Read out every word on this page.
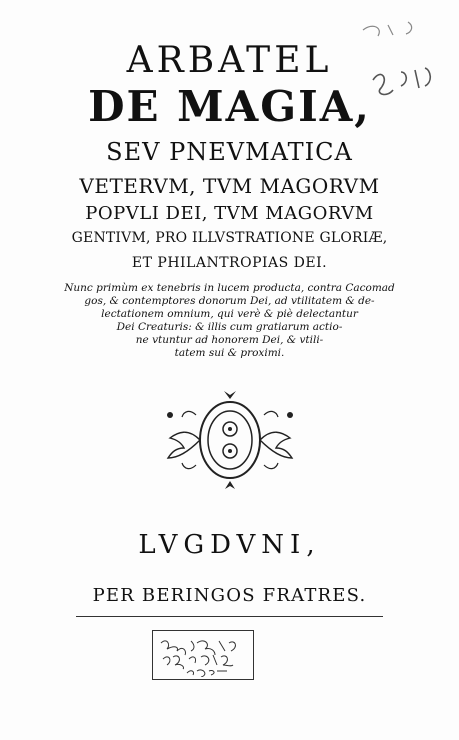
ARBATEL
DE MAGIA,
SEV PNEVMATICA
VETERVM, TVM MAGORVM
POPVLI DEI, TVM MAGORVM
GENTIVM, PRO ILLVSTRATIONE GLORIÆ,
ET PHILANTROPIAS DEI.
Nunc primùm ex tenebris in lucem producta, contra Cacomad
gos, & contemptores donorum Dei, ad vtilitatem & de-
lectationem omnium, qui verè & piè delectantur
Dei Creaturis: & illis cum gratiarum actio-
ne vtuntur ad honorem Dei, & vtili-
tatem sui & proximi.
LVGDVNI,
PER BERINGOS FRATRES.
